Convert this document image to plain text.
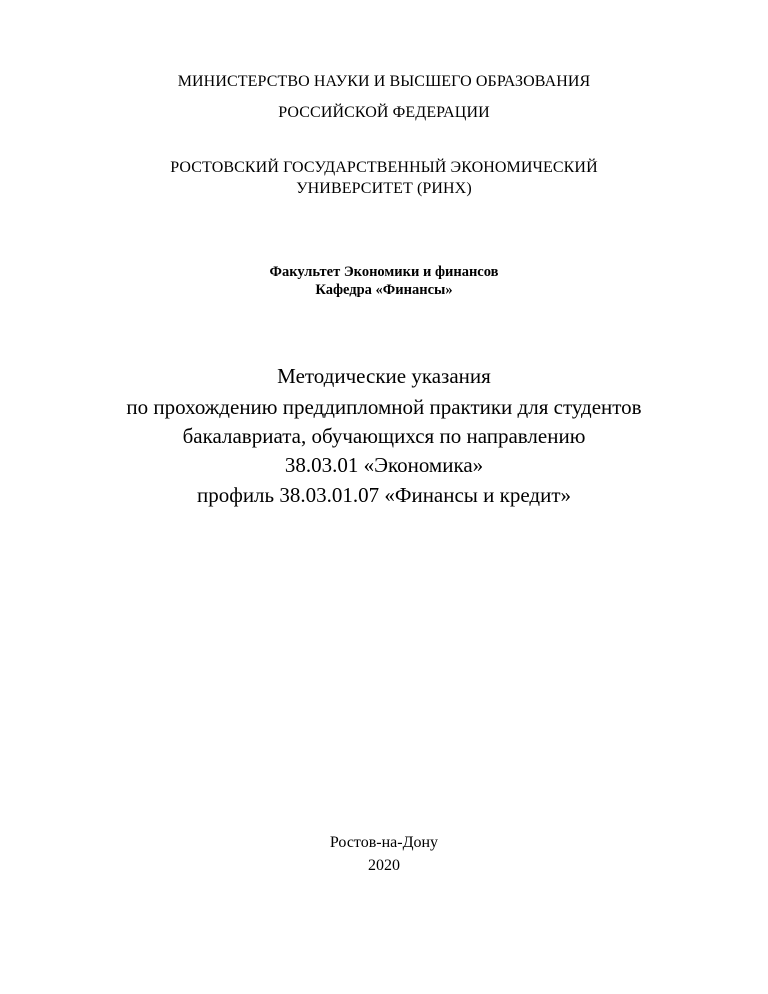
МИНИСТЕРСТВО НАУКИ И ВЫСШЕГО ОБРАЗОВАНИЯ

РОССИЙСКОЙ ФЕДЕРАЦИИ

РОСТОВСКИЙ ГОСУДАРСТВЕННЫЙ ЭКОНОМИЧЕСКИЙ

УНИВЕРСИТЕТ (РИНХ)

Факультет Экономики и финансов

Кафедра «Финансы»

Методические указания

по прохождению преддипломной практики для студентов

бакалавриата, обучающихся по направлению

38.03.01 «Экономика»

профиль 38.03.01.07 «Финансы и кредит»

Ростов-на-Дону

2020
